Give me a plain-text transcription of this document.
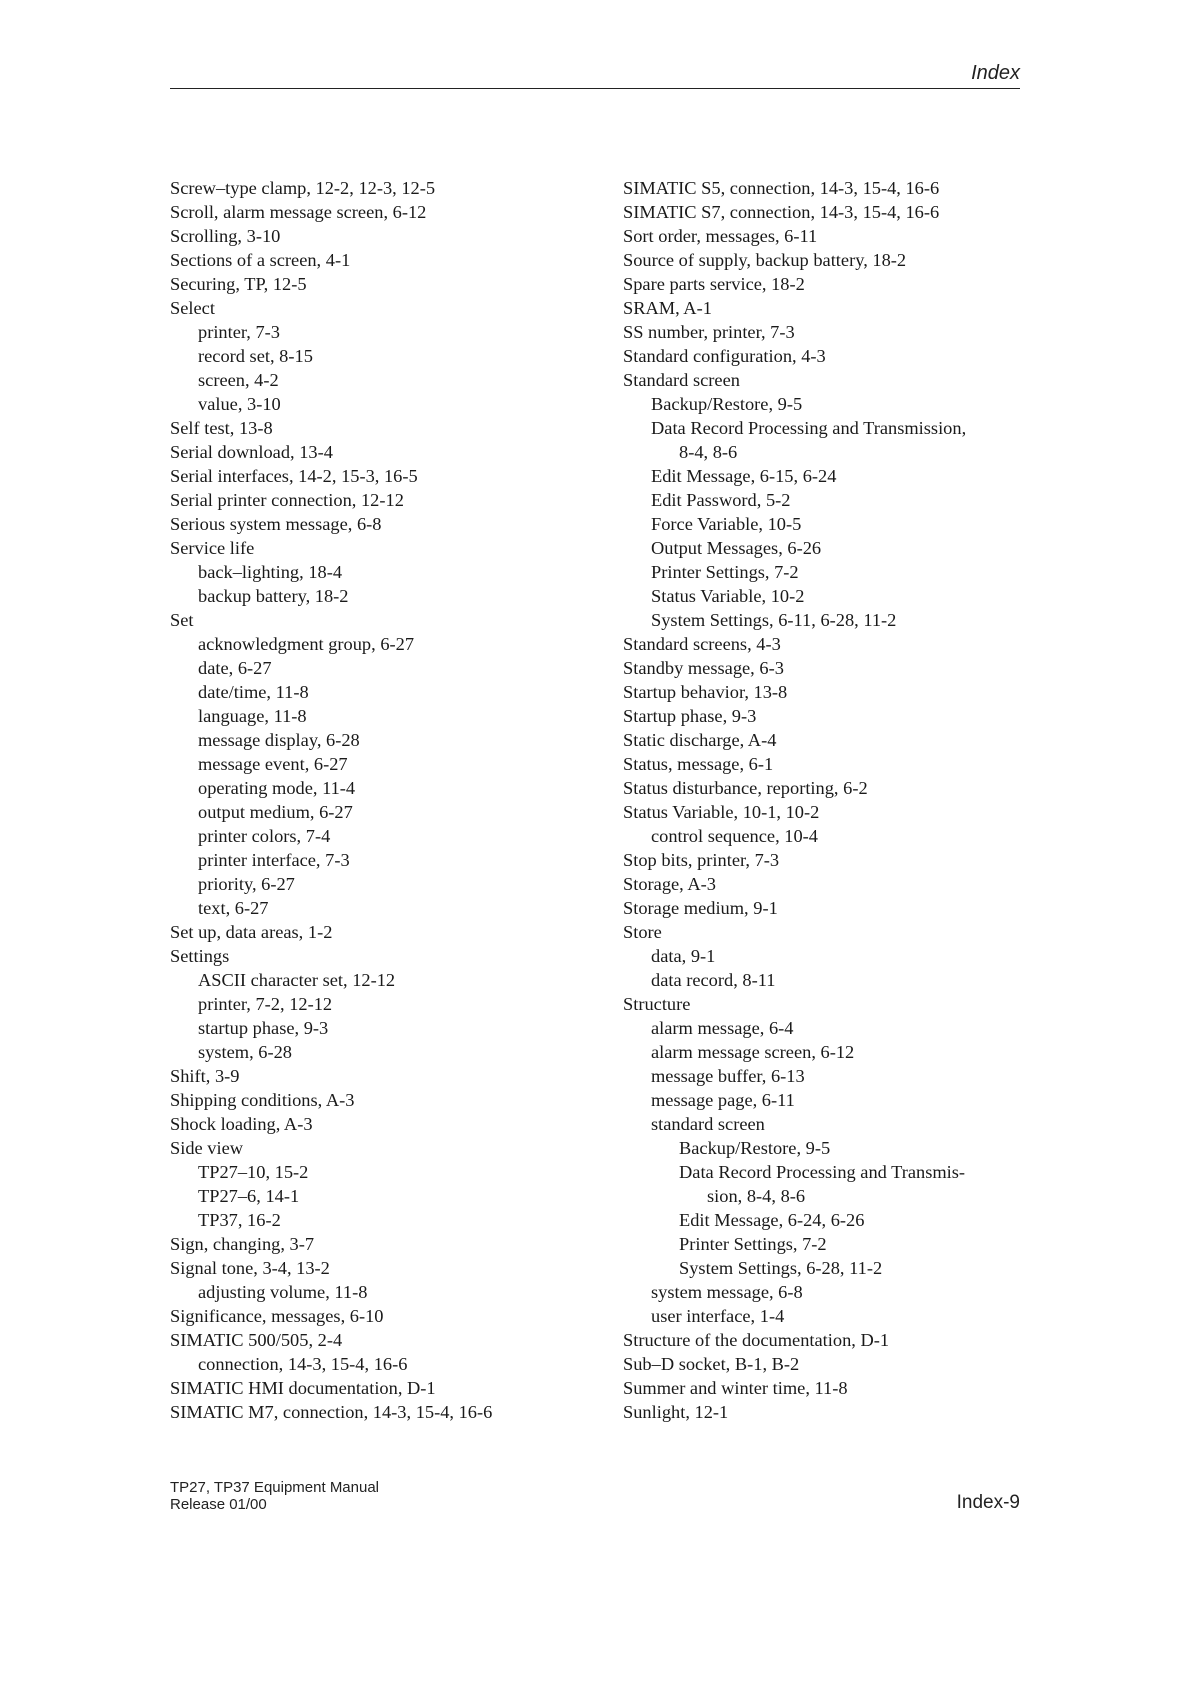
Index
Screw–type clamp, 12-2, 12-3, 12-5
Scroll, alarm message screen, 6-12
Scrolling, 3-10
Sections of a screen, 4-1
Securing, TP, 12-5
Select
printer, 7-3
record set, 8-15
screen, 4-2
value, 3-10
Self test, 13-8
Serial download, 13-4
Serial interfaces, 14-2, 15-3, 16-5
Serial printer connection, 12-12
Serious system message, 6-8
Service life
back–lighting, 18-4
backup battery, 18-2
Set
acknowledgment group, 6-27
date, 6-27
date/time, 11-8
language, 11-8
message display, 6-28
message event, 6-27
operating mode, 11-4
output medium, 6-27
printer colors, 7-4
printer interface, 7-3
priority, 6-27
text, 6-27
Set up, data areas, 1-2
Settings
ASCII character set, 12-12
printer, 7-2, 12-12
startup phase, 9-3
system, 6-28
Shift, 3-9
Shipping conditions, A-3
Shock loading, A-3
Side view
TP27–10, 15-2
TP27–6, 14-1
TP37, 16-2
Sign, changing, 3-7
Signal tone, 3-4, 13-2
adjusting volume, 11-8
Significance, messages, 6-10
SIMATIC 500/505, 2-4
connection, 14-3, 15-4, 16-6
SIMATIC HMI documentation, D-1
SIMATIC M7, connection, 14-3, 15-4, 16-6
SIMATIC S5, connection, 14-3, 15-4, 16-6
SIMATIC S7, connection, 14-3, 15-4, 16-6
Sort order, messages, 6-11
Source of supply, backup battery, 18-2
Spare parts service, 18-2
SRAM, A-1
SS number, printer, 7-3
Standard configuration, 4-3
Standard screen
Backup/Restore, 9-5
Data Record Processing and Transmission,
8-4, 8-6
Edit Message, 6-15, 6-24
Edit Password, 5-2
Force Variable, 10-5
Output Messages, 6-26
Printer Settings, 7-2
Status Variable, 10-2
System Settings, 6-11, 6-28, 11-2
Standard screens, 4-3
Standby message, 6-3
Startup behavior, 13-8
Startup phase, 9-3
Static discharge, A-4
Status, message, 6-1
Status disturbance, reporting, 6-2
Status Variable, 10-1, 10-2
control sequence, 10-4
Stop bits, printer, 7-3
Storage, A-3
Storage medium, 9-1
Store
data, 9-1
data record, 8-11
Structure
alarm message, 6-4
alarm message screen, 6-12
message buffer, 6-13
message page, 6-11
standard screen
Backup/Restore, 9-5
Data Record Processing and Transmis-
sion, 8-4, 8-6
Edit Message, 6-24, 6-26
Printer Settings, 7-2
System Settings, 6-28, 11-2
system message, 6-8
user interface, 1-4
Structure of the documentation, D-1
Sub–D socket, B-1, B-2
Summer and winter time, 11-8
Sunlight, 12-1
TP27, TP37 Equipment Manual
Release 01/00	Index-9
